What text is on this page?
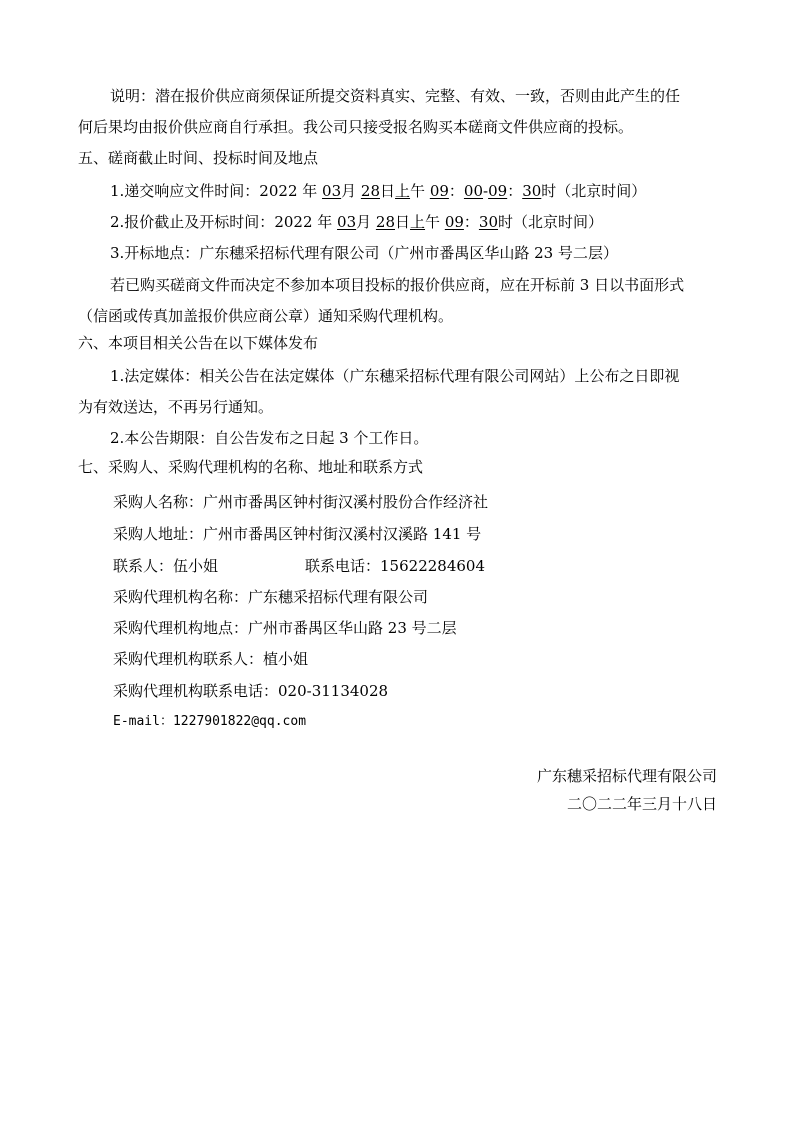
说明：潜在报价供应商须保证所提交资料真实、完整、有效、一致，否则由此产生的任
何后果均由报价供应商自行承担。我公司只接受报名购买本磋商文件供应商的投标。
五、磋商截止时间、投标时间及地点
1.递交响应文件时间：2022 年 03月 28日上午 09：00-09：30时（北京时间）
2.报价截止及开标时间：2022 年 03月 28日上午 09：30时（北京时间）
3.开标地点：广东穗采招标代理有限公司（广州市番禺区华山路 23 号二层）
若已购买磋商文件而决定不参加本项目投标的报价供应商，应在开标前 3 日以书面形式
（信函或传真加盖报价供应商公章）通知采购代理机构。
六、本项目相关公告在以下媒体发布
1.法定媒体：相关公告在法定媒体（广东穗采招标代理有限公司网站）上公布之日即视
为有效送达，不再另行通知。
2.本公告期限：自公告发布之日起 3 个工作日。
七、采购人、采购代理机构的名称、地址和联系方式
采购人名称：广州市番禺区钟村街汉溪村股份合作经济社
采购人地址：广州市番禺区钟村街汉溪村汉溪路 141 号
联系人：伍小姐	联系电话：15622284604
采购代理机构名称：广东穗采招标代理有限公司
采购代理机构地点：广州市番禺区华山路 23 号二层
采购代理机构联系人：植小姐
采购代理机构联系电话：020-31134028
E-mail：1227901822@qq.com
广东穗采招标代理有限公司
二〇二二年三月十八日
